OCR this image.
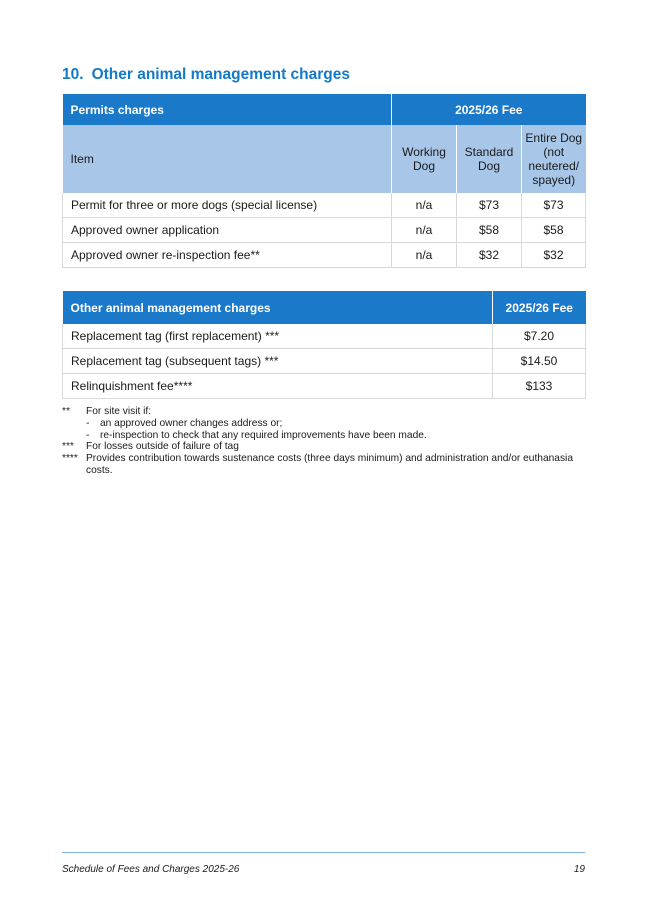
10. Other animal management charges
Permits charges	2025/26 Fee		
Item	Working Dog	Standard Dog	Entire Dog (not neutered/ spayed)
Permit for three or more dogs (special license)	n/a	$73	$73
Approved owner application	n/a	$58	$58
Approved owner re-inspection fee**	n/a	$32	$32
Other animal management charges	2025/26 Fee
Replacement tag (first replacement) ***	$7.20
Replacement tag (subsequent tags) ***	$14.50
Relinquishment fee****	$133
** For site visit if:
- an approved owner changes address or;
- re-inspection to check that any required improvements have been made.
*** For losses outside of failure of tag
**** Provides contribution towards sustenance costs (three days minimum) and administration and/or euthanasia costs.
Schedule of Fees and Charges 2025-26	19
